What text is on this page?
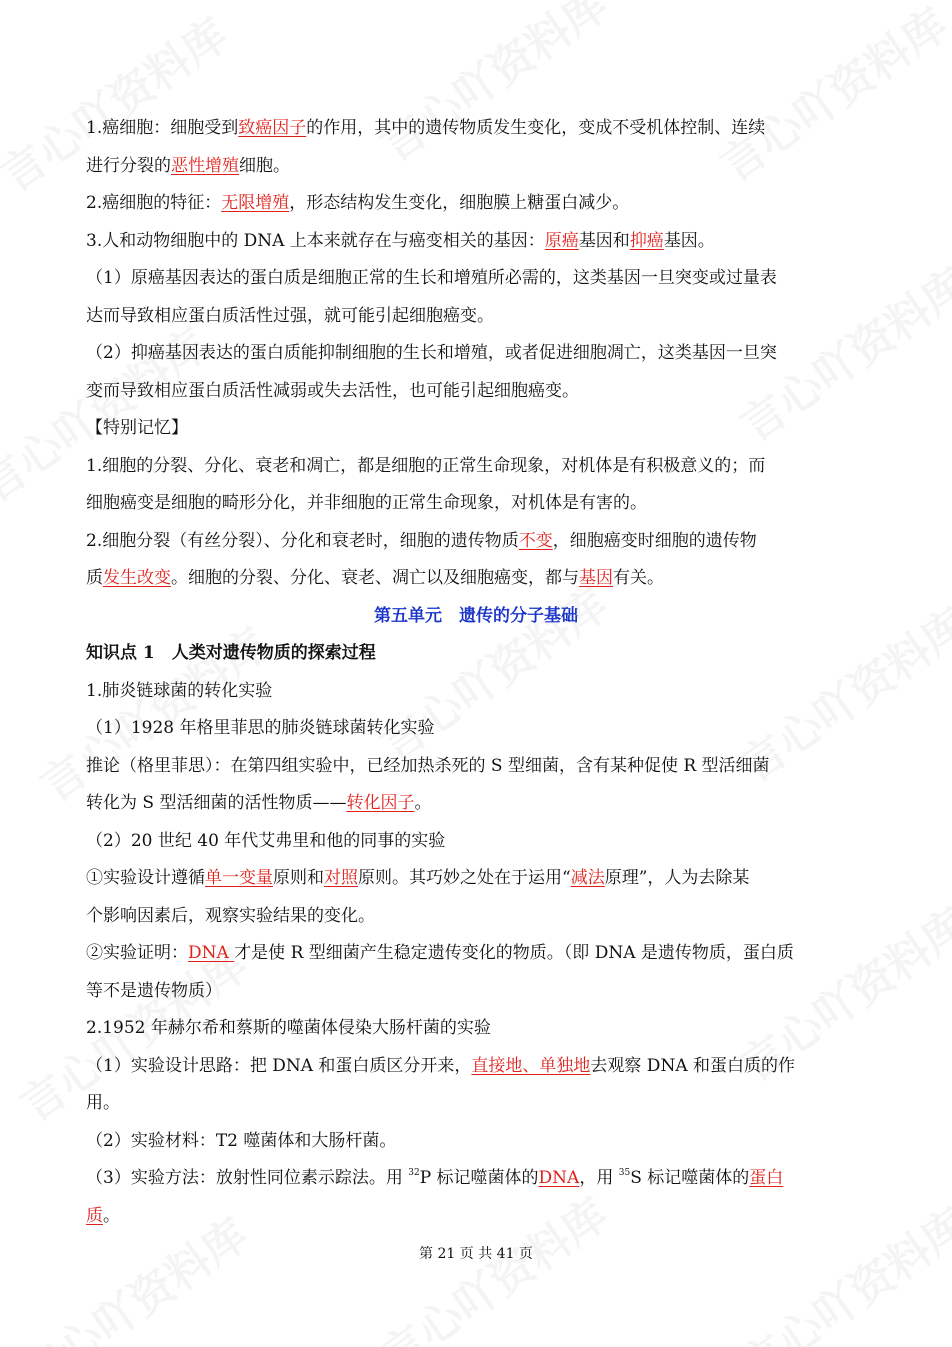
1.癌细胞：细胞受到致癌因子的作用，其中的遗传物质发生变化，变成不受机体控制、连续
进行分裂的恶性增殖细胞。
2.癌细胞的特征：无限增殖，形态结构发生变化，细胞膜上糖蛋白减少。
3.人和动物细胞中的 DNA 上本来就存在与癌变相关的基因：原癌基因和抑癌基因。
（1）原癌基因表达的蛋白质是细胞正常的生长和增殖所必需的，这类基因一旦突变或过量表
达而导致相应蛋白质活性过强，就可能引起细胞癌变。
（2）抑癌基因表达的蛋白质能抑制细胞的生长和增殖，或者促进细胞凋亡，这类基因一旦突
变而导致相应蛋白质活性减弱或失去活性，也可能引起细胞癌变。
【特别记忆】
1.细胞的分裂、分化、衰老和凋亡，都是细胞的正常生命现象，对机体是有积极意义的；而
细胞癌变是细胞的畸形分化，并非细胞的正常生命现象，对机体是有害的。
2.细胞分裂（有丝分裂）、分化和衰老时，细胞的遗传物质不变，细胞癌变时细胞的遗传物
质发生改变。细胞的分裂、分化、衰老、凋亡以及细胞癌变，都与基因有关。
第五单元　遗传的分子基础
知识点 1　人类对遗传物质的探索过程
1.肺炎链球菌的转化实验
（1）1928 年格里菲思的肺炎链球菌转化实验
推论（格里菲思）：在第四组实验中，已经加热杀死的 S 型细菌，含有某种促使 R 型活细菌
转化为 S 型活细菌的活性物质——转化因子。
（2）20 世纪 40 年代艾弗里和他的同事的实验
①实验设计遵循单一变量原则和对照原则。其巧妙之处在于运用“减法原理”，人为去除某
个影响因素后，观察实验结果的变化。
②实验证明：DNA 才是使 R 型细菌产生稳定遗传变化的物质。（即 DNA 是遗传物质，蛋白质
等不是遗传物质）
2.1952 年赫尔希和蔡斯的噬菌体侵染大肠杆菌的实验
（1）实验设计思路：把 DNA 和蛋白质区分开来，直接地、单独地去观察 DNA 和蛋白质的作
用。
（2）实验材料：T2 噬菌体和大肠杆菌。
（3）实验方法：放射性同位素示踪法。用 $^{32}$P 标记噬菌体的DNA，用 $^{35}$S 标记噬菌体的蛋白
质。
第 21 页 共 41 页
